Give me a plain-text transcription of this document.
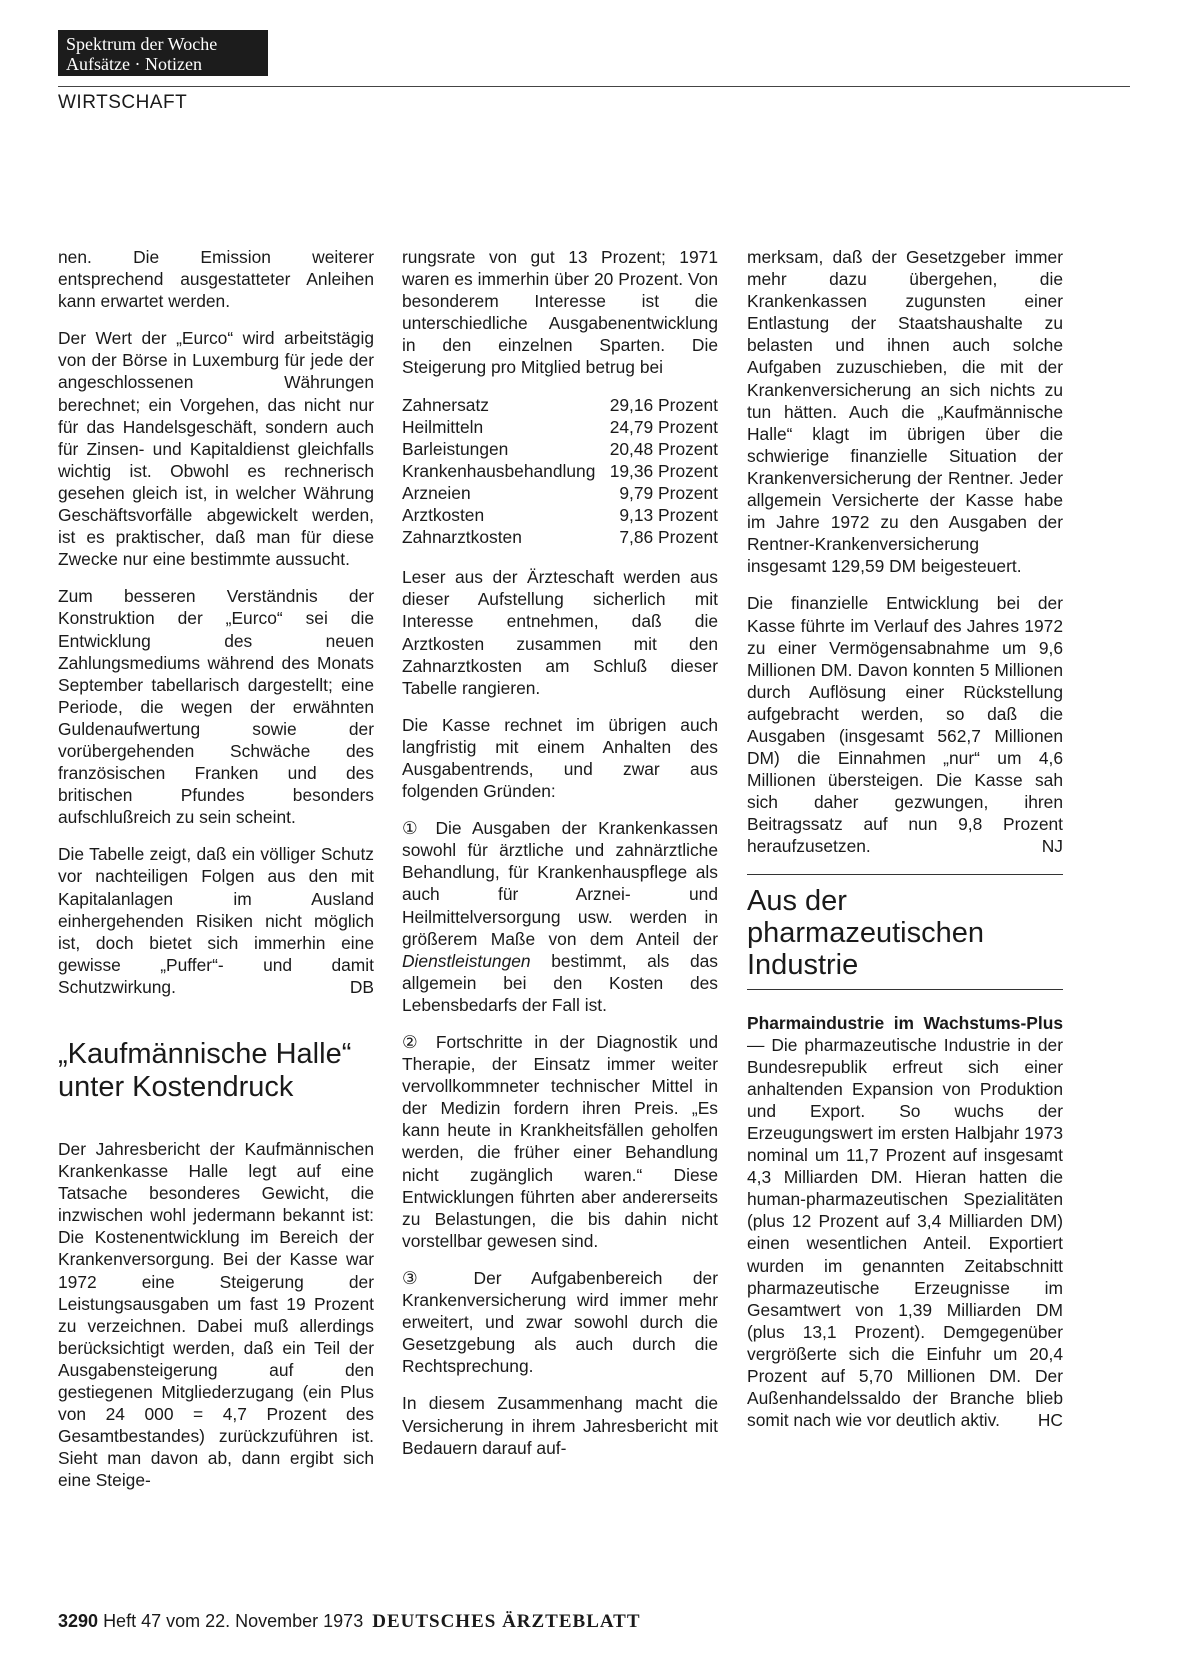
Spektrum der Woche
Aufsätze · Notizen
WIRTSCHAFT

nen. Die Emission weiterer entsprechend ausgestatteter Anleihen kann erwartet werden.

Der Wert der „Eurco“ wird arbeitstägig von der Börse in Luxemburg für jede der angeschlossenen Währungen berechnet; ein Vorgehen, das nicht nur für das Handelsgeschäft, sondern auch für Zinsen- und Kapitaldienst gleichfalls wichtig ist. Obwohl es rechnerisch gesehen gleich ist, in welcher Währung Geschäftsvorfälle abgewickelt werden, ist es praktischer, daß man für diese Zwecke nur eine bestimmte aussucht.

Zum besseren Verständnis der Konstruktion der „Eurco“ sei die Entwicklung des neuen Zahlungsmediums während des Monats September tabellarisch dargestellt; eine Periode, die wegen der erwähnten Guldenaufwertung sowie der vorübergehenden Schwäche des französischen Franken und des britischen Pfundes besonders aufschlußreich zu sein scheint.

Die Tabelle zeigt, daß ein völliger Schutz vor nachteiligen Folgen aus den mit Kapitalanlagen im Ausland einhergehenden Risiken nicht möglich ist, doch bietet sich immerhin eine gewisse „Puffer“- und damit Schutzwirkung.	DB

„Kaufmännische Halle“ unter Kostendruck

Der Jahresbericht der Kaufmännischen Krankenkasse Halle legt auf eine Tatsache besonderes Gewicht, die inzwischen wohl jedermann bekannt ist: Die Kostenentwicklung im Bereich der Krankenversorgung. Bei der Kasse war 1972 eine Steigerung der Leistungsausgaben um fast 19 Prozent zu verzeichnen. Dabei muß allerdings berücksichtigt werden, daß ein Teil der Ausgabensteigerung auf den gestiegenen Mitgliederzugang (ein Plus von 24 000 = 4,7 Prozent des Gesamtbestandes) zurückzuführen ist. Sieht man davon ab, dann ergibt sich eine Steige-

rungsrate von gut 13 Prozent; 1971 waren es immerhin über 20 Prozent. Von besonderem Interesse ist die unterschiedliche Ausgabenentwicklung in den einzelnen Sparten. Die Steigerung pro Mitglied betrug bei

Zahnersatz	29,16 Prozent
Heilmitteln	24,79 Prozent
Barleistungen	20,48 Prozent
Krankenhausbehandlung	19,36 Prozent
Arzneien	9,79 Prozent
Arztkosten	9,13 Prozent
Zahnarztkosten	7,86 Prozent

Leser aus der Ärzteschaft werden aus dieser Aufstellung sicherlich mit Interesse entnehmen, daß die Arztkosten zusammen mit den Zahnarztkosten am Schluß dieser Tabelle rangieren.

Die Kasse rechnet im übrigen auch langfristig mit einem Anhalten des Ausgabentrends, und zwar aus folgenden Gründen:

① Die Ausgaben der Krankenkassen sowohl für ärztliche und zahnärztliche Behandlung, für Krankenhauspflege als auch für Arznei- und Heilmittelversorgung usw. werden in größerem Maße von dem Anteil der Dienstleistungen bestimmt, als das allgemein bei den Kosten des Lebensbedarfs der Fall ist.

② Fortschritte in der Diagnostik und Therapie, der Einsatz immer weiter vervollkommneter technischer Mittel in der Medizin fordern ihren Preis. „Es kann heute in Krankheitsfällen geholfen werden, die früher einer Behandlung nicht zugänglich waren.“ Diese Entwicklungen führten aber andererseits zu Belastungen, die bis dahin nicht vorstellbar gewesen sind.

③ Der Aufgabenbereich der Krankenversicherung wird immer mehr erweitert, und zwar sowohl durch die Gesetzgebung als auch durch die Rechtsprechung.

In diesem Zusammenhang macht die Versicherung in ihrem Jahresbericht mit Bedauern darauf auf-

merksam, daß der Gesetzgeber immer mehr dazu übergehen, die Krankenkassen zugunsten einer Entlastung der Staatshaushalte zu belasten und ihnen auch solche Aufgaben zuzuschieben, die mit der Krankenversicherung an sich nichts zu tun hätten. Auch die „Kaufmännische Halle“ klagt im übrigen über die schwierige finanzielle Situation der Krankenversicherung der Rentner. Jeder allgemein Versicherte der Kasse habe im Jahre 1972 zu den Ausgaben der Rentner-Krankenversicherung insgesamt 129,59 DM beigesteuert.

Die finanzielle Entwicklung bei der Kasse führte im Verlauf des Jahres 1972 zu einer Vermögensabnahme um 9,6 Millionen DM. Davon konnten 5 Millionen durch Auflösung einer Rückstellung aufgebracht werden, so daß die Ausgaben (insgesamt 562,7 Millionen DM) die Einnahmen „nur“ um 4,6 Millionen übersteigen. Die Kasse sah sich daher gezwungen, ihren Beitragssatz auf nun 9,8 Prozent heraufzusetzen.	NJ

Aus der pharmazeutischen Industrie

Pharmaindustrie im Wachstums-Plus — Die pharmazeutische Industrie in der Bundesrepublik erfreut sich einer anhaltenden Expansion von Produktion und Export. So wuchs der Erzeugungswert im ersten Halbjahr 1973 nominal um 11,7 Prozent auf insgesamt 4,3 Milliarden DM. Hieran hatten die human-pharmazeutischen Spezialitäten (plus 12 Prozent auf 3,4 Milliarden DM) einen wesentlichen Anteil. Exportiert wurden im genannten Zeitabschnitt pharmazeutische Erzeugnisse im Gesamtwert von 1,39 Milliarden DM (plus 13,1 Prozent). Demgegenüber vergrößerte sich die Einfuhr um 20,4 Prozent auf 5,70 Millionen DM. Der Außenhandelssaldo der Branche blieb somit nach wie vor deutlich aktiv. HC

3290 Heft 47 vom 22. November 1973 DEUTSCHES ÄRZTEBLATT
